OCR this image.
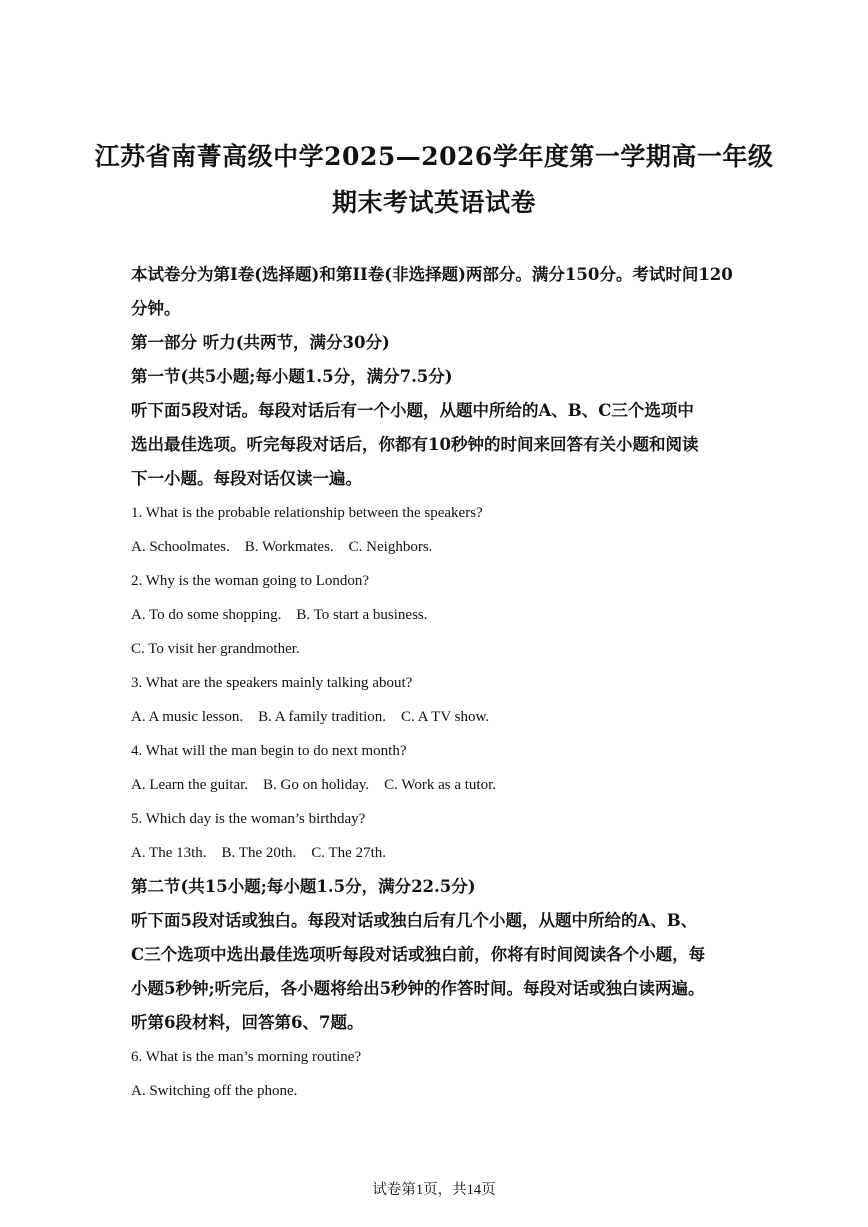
江苏省南菁高级中学2025—2026学年度第一学期高一年级
期末考试英语试卷

本试卷分为第I卷(选择题)和第II卷(非选择题)两部分。满分150分。考试时间120

分钟。

第一部分 听力(共两节，满分30分)

第一节(共5小题;每小题1.5分，满分7.5分)

听下面5段对话。每段对话后有一个小题，从题中所给的A、B、C三个选项中

选出最佳选项。听完每段对话后，你都有10秒钟的时间来回答有关小题和阅读

下一小题。每段对话仅读一遍。

1. What is the probable relationship between the speakers?

A. Schoolmates.    B. Workmates.    C. Neighbors.

2. Why is the woman going to London?

A. To do some shopping.    B. To start a business.

C. To visit her grandmother.

3. What are the speakers mainly talking about?

A. A music lesson.    B. A family tradition.    C. A TV show.

4. What will the man begin to do next month?

A. Learn the guitar.    B. Go on holiday.    C. Work as a tutor.

5. Which day is the woman’s birthday?

A. The 13th.    B. The 20th.    C. The 27th.

第二节(共15小题;每小题1.5分，满分22.5分)

听下面5段对话或独白。每段对话或独白后有几个小题，从题中所给的A、B、

C三个选项中选出最佳选项听每段对话或独白前，你将有时间阅读各个小题，每

小题5秒钟;听完后，各小题将给出5秒钟的作答时间。每段对话或独白读两遍。

听第6段材料，回答第6、7题。

6. What is the man’s morning routine?

A. Switching off the phone.

试卷第1页，共14页
